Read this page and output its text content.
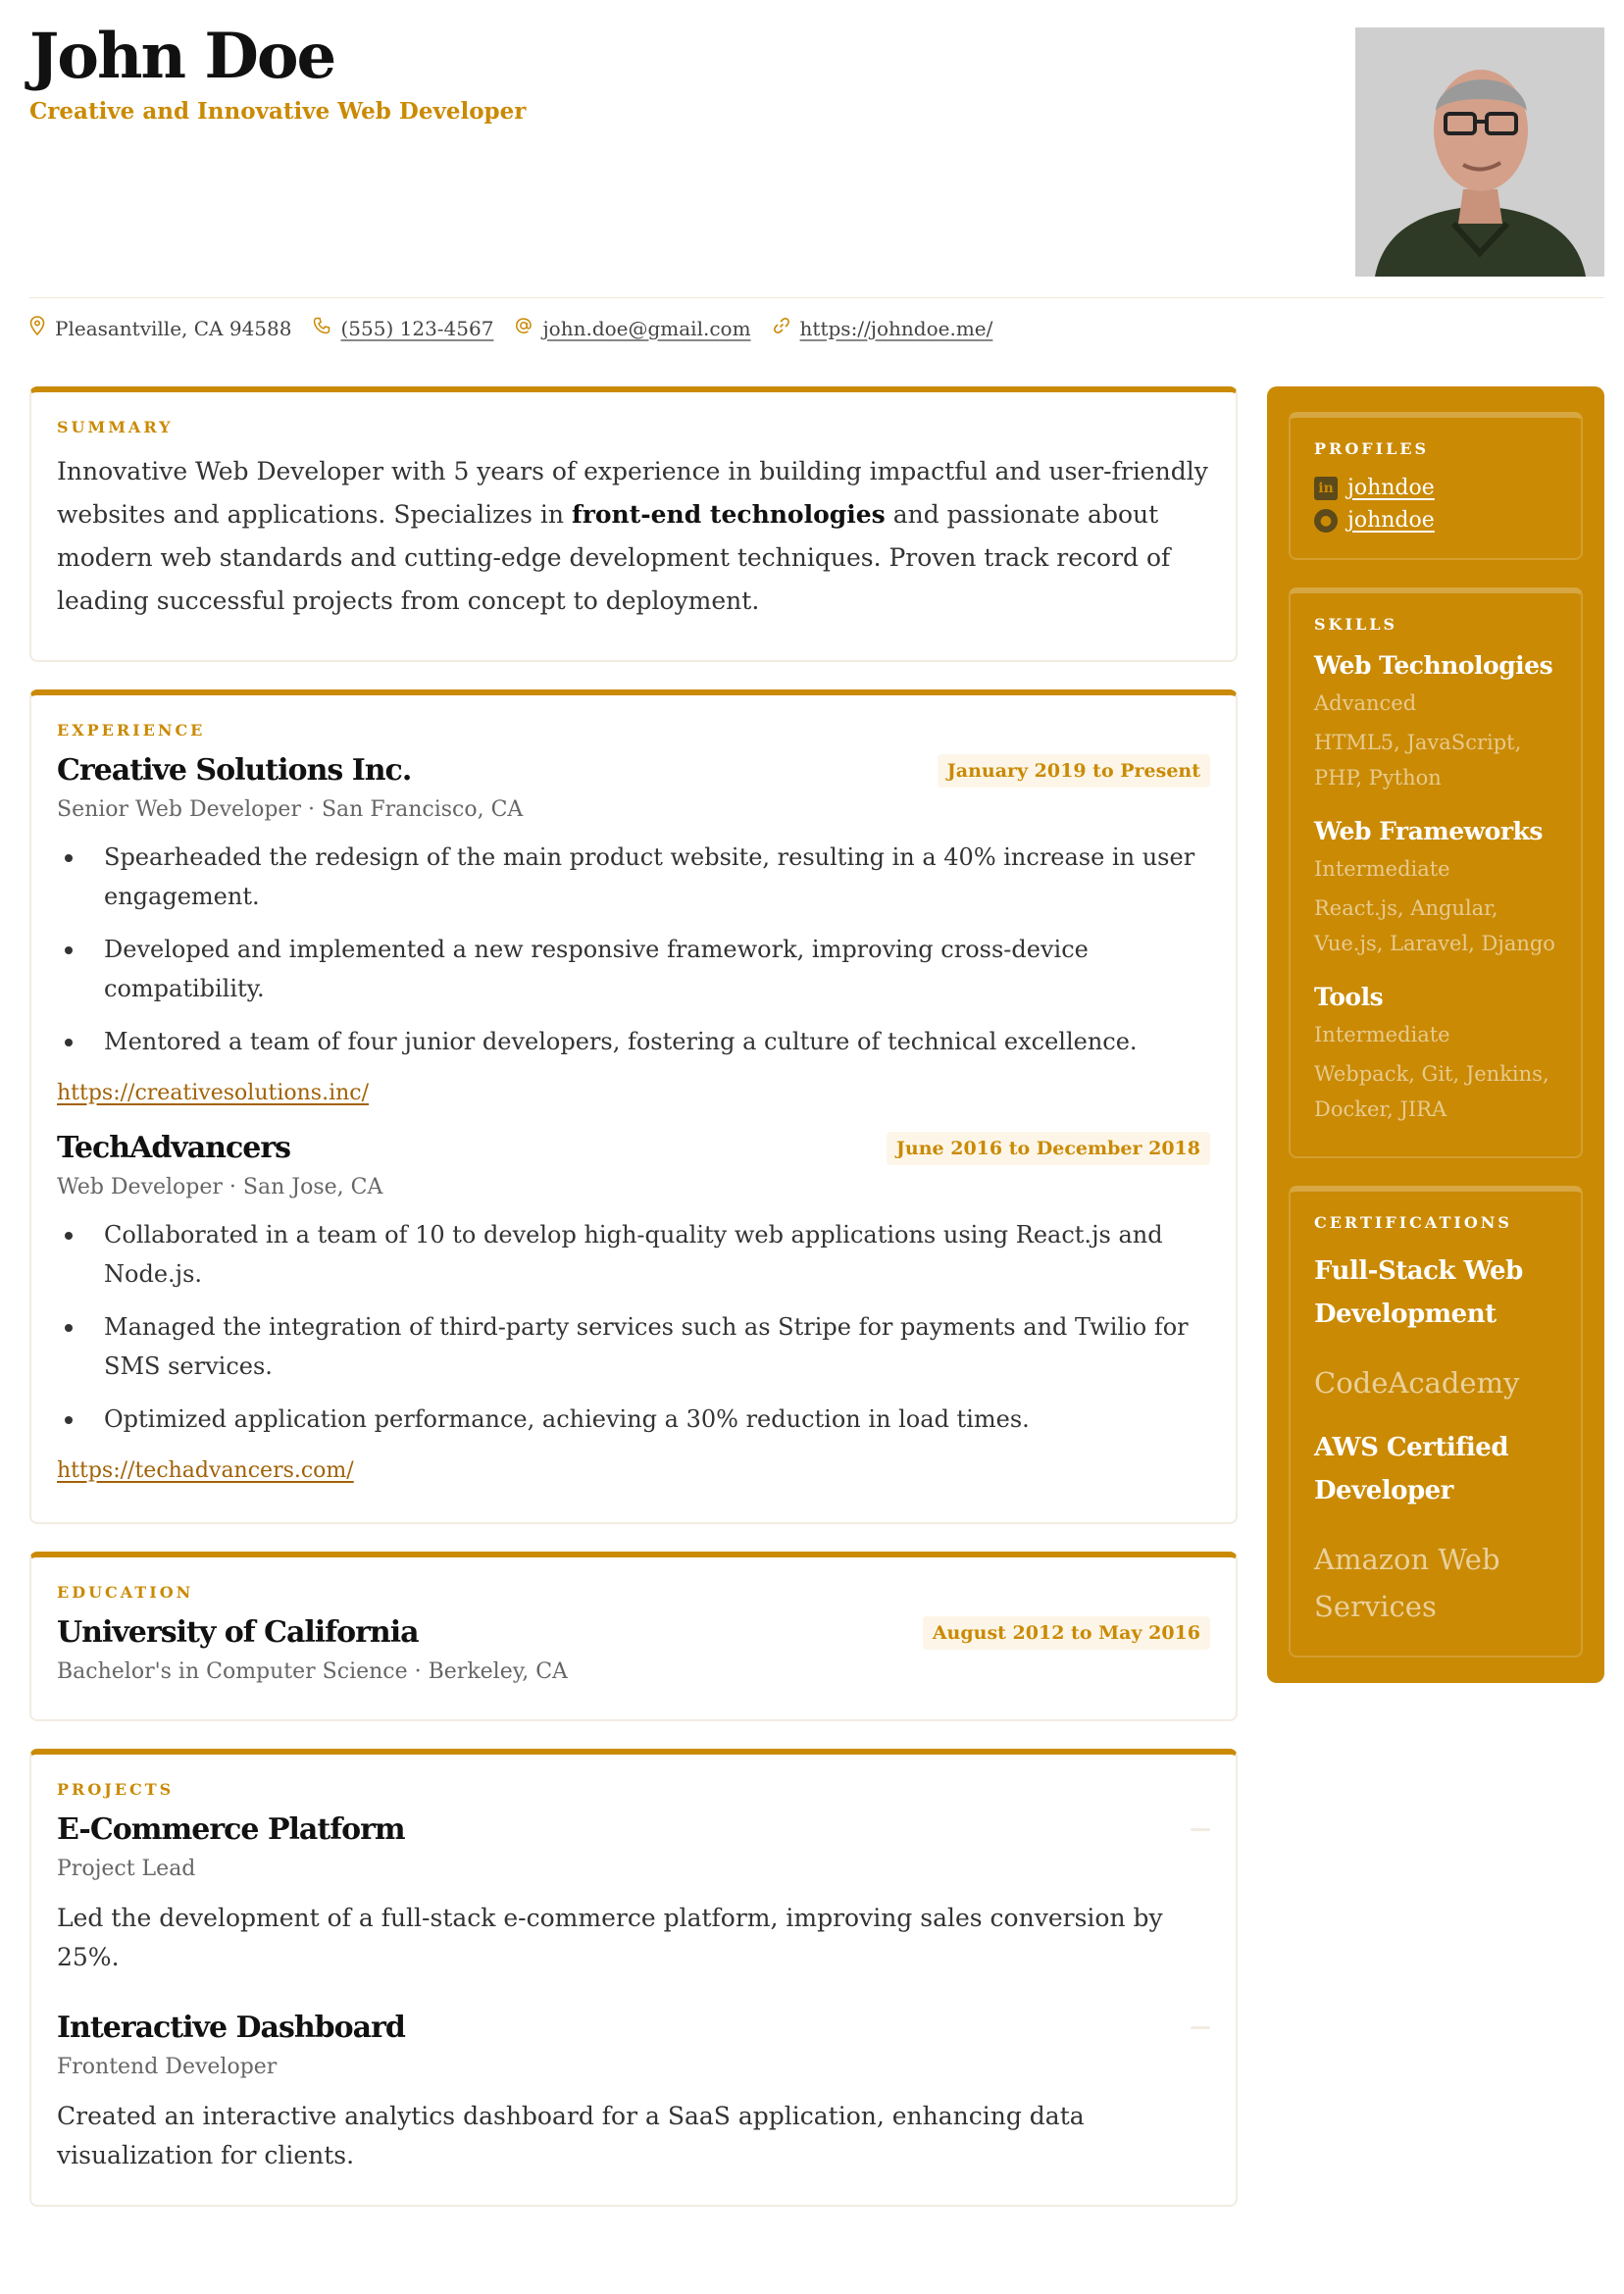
John Doe
Creative and Innovative Web Developer
Pleasantville, CA 94588	(555) 123-4567	john.doe@gmail.com	https://johndoe.me/
SUMMARY

Innovative Web Developer with 5 years of experience in building impactful and user-friendly websites and applications. Specializes in front-end technologies and passionate about modern web standards and cutting-edge development techniques. Proven track record of leading successful projects from concept to deployment.

EXPERIENCE
Creative Solutions Inc.	January 2019 to Present
Senior Web Developer · San Francisco, CA
Spearheaded the redesign of the main product website, resulting in a 40% increase in user engagement.
Developed and implemented a new responsive framework, improving cross-device compatibility.
Mentored a team of four junior developers, fostering a culture of technical excellence.
https://creativesolutions.inc/
TechAdvancers	June 2016 to December 2018
Web Developer · San Jose, CA
Collaborated in a team of 10 to develop high-quality web applications using React.js and Node.js.
Managed the integration of third-party services such as Stripe for payments and Twilio for SMS services.
Optimized application performance, achieving a 30% reduction in load times.
https://techadvancers.com/
EDUCATION
University of California	August 2012 to May 2016
Bachelor's in Computer Science · Berkeley, CA
PROJECTS
E-Commerce Platform
Project Lead

Led the development of a full-stack e-commerce platform, improving sales conversion by 25%.

Interactive Dashboard
Frontend Developer

Created an interactive analytics dashboard for a SaaS application, enhancing data visualization for clients.

PROFILES
in johndoe
● johndoe
SKILLS
Web Technologies
Advanced
HTML5, JavaScript, PHP, Python
Web Frameworks
Intermediate
React.js, Angular, Vue.js, Laravel, Django
Tools
Intermediate
Webpack, Git, Jenkins, Docker, JIRA
CERTIFICATIONS
Full-Stack Web Development
CodeAcademy
AWS Certified Developer
Amazon Web Services
